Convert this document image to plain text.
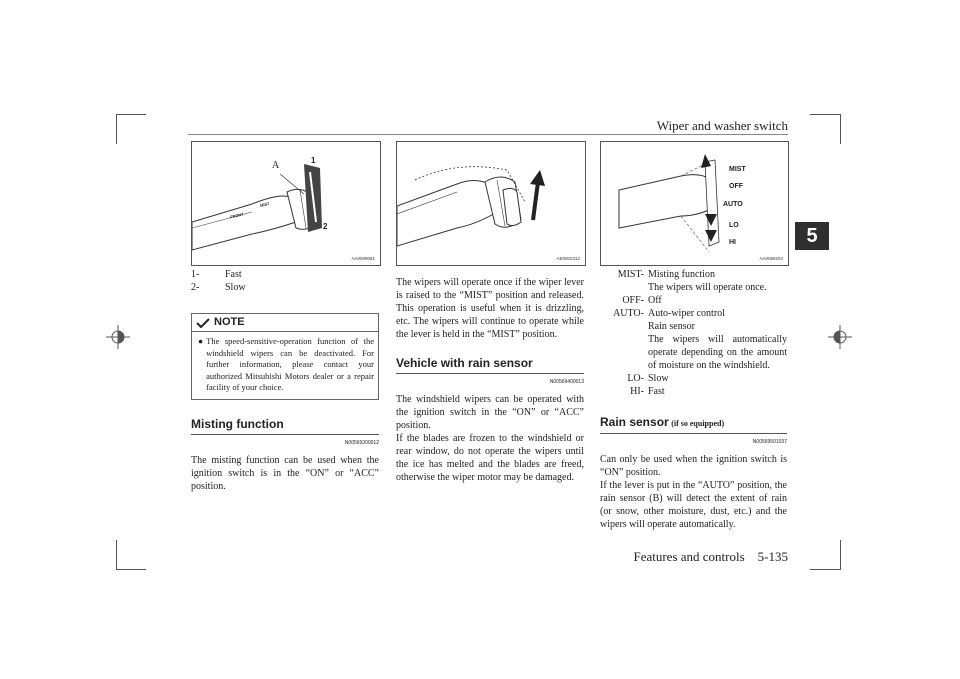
Wiper and washer switch
5
A	1
2
FRONT
MIST
AA0069081	AE0002312
MIST
OFF
AUTO
LO
HI
AA0068204
1-	Fast
2-	Slow
NOTE
● The speed-sensitive-operation function of the windshield wipers can be deactivated. For further information, please contact your authorized Mitsubishi Motors dealer or a repair facility of your choice.
Misting function
N00569300012

The misting function can be used when the ignition switch is in the “ON” or “ACC” position.

The wipers will operate once if the wiper lever is raised to the “MIST” position and released. This operation is useful when it is drizzling, etc. The wipers will continue to operate while the lever is held in the “MIST” position.

Vehicle with rain sensor
N00569400013

The windshield wipers can be operated with the ignition switch in the “ON” or “ACC” position.

If the blades are frozen to the windshield or rear window, do not operate the wipers until the ice has melted and the blades are freed, otherwise the wiper motor may be damaged.

MIST- Misting function
The wipers will operate once.
OFF- Off
AUTO- Auto-wiper control
Rain sensor
The wipers will automatically operate depending on the amount of moisture on the windshield.
LO- Slow
HI- Fast
Rain sensor (if so equipped)
N00569501037

Can only be used when the ignition switch is “ON” position.

If the lever is put in the “AUTO” position, the rain sensor (B) will detect the extent of rain (or snow, other moisture, dust, etc.) and the wipers will operate automatically.

Features and controls    5-135
